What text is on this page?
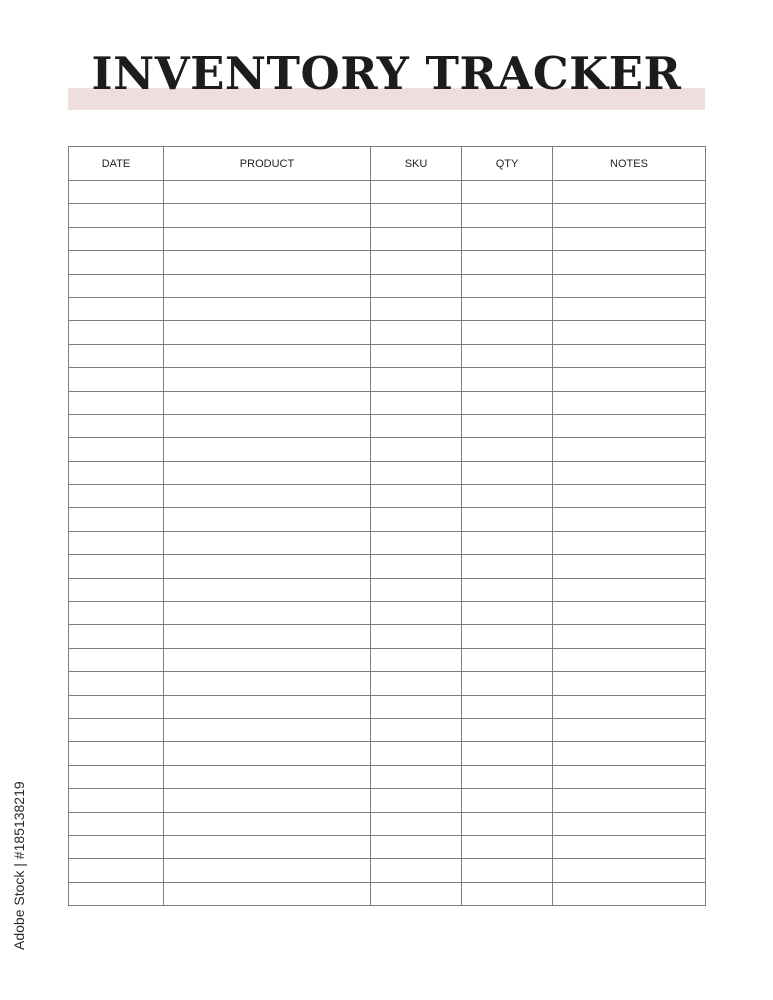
INVENTORY TRACKER
DATE	PRODUCT	SKU	QTY	NOTES

Adobe Stock | #185138219
